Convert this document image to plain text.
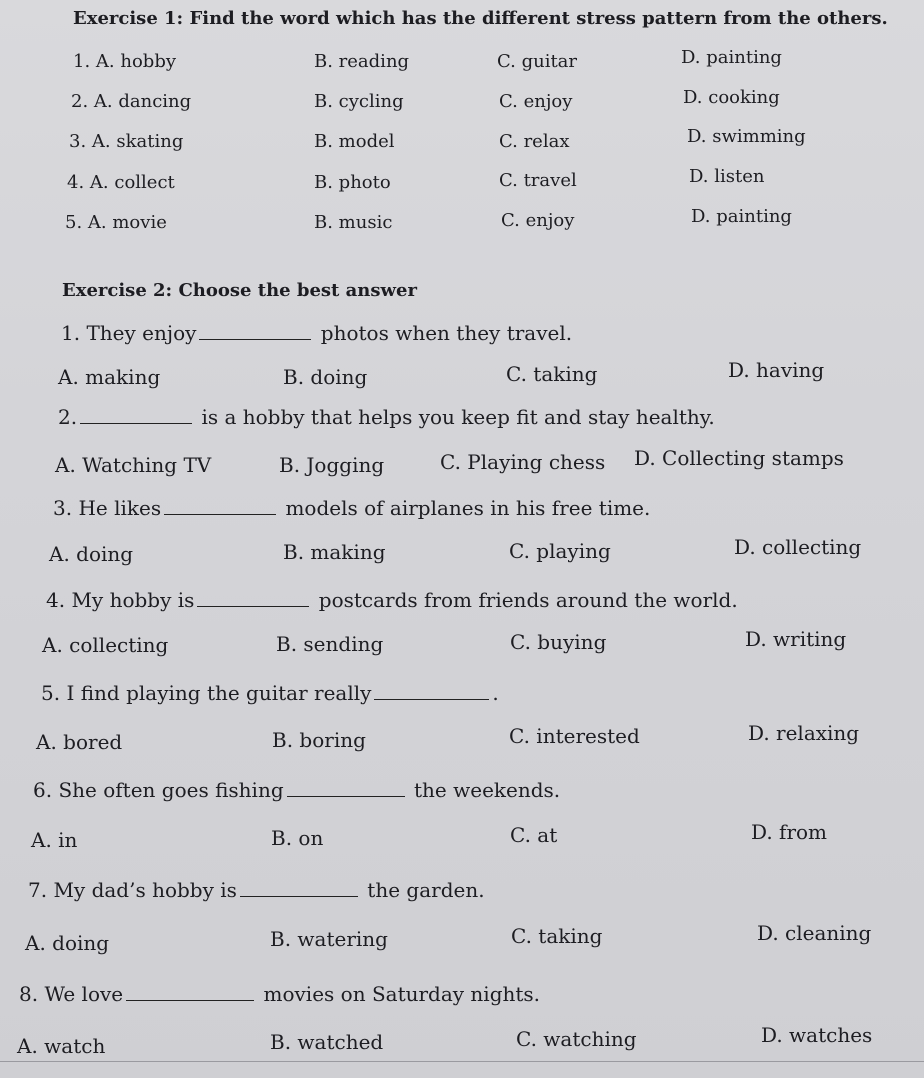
Exercise 1: Find the word which has the different stress pattern from the others.
1. A. hobby	B. reading	C. guitar	D. painting
2. A. dancing	B. cycling	C. enjoy	D. cooking
3. A. skating	B. model	C. relax	D. swimming
4. A. collect	B. photo	C. travel	D. listen
5. A. movie	B. music	C. enjoy	D. painting
Exercise 2: Choose the best answer
1. They enjoy	photos when they travel.
A. making	B. doing	C. taking	D. having
2.	is a hobby that helps you keep fit and stay healthy.
A. Watching TV	B. Jogging	C. Playing chess D. Collecting stamps
3. He likes	models of airplanes in his free time.
A. doing	B. making	C. playing	D. collecting
4. My hobby is	postcards from friends around the world.
A. collecting	B. sending	C. buying	D. writing
5. I find playing the guitar really	.
A. bored	B. boring	C. interested	D. relaxing
6. She often goes fishing	the weekends.
A. in	B. on	C. at	D. from
7. My dad’s hobby is	the garden.
A. doing	B. watering	C. taking	D. cleaning
8. We love	movies on Saturday nights.
A. watch	B. watched	C. watching	D. watches
